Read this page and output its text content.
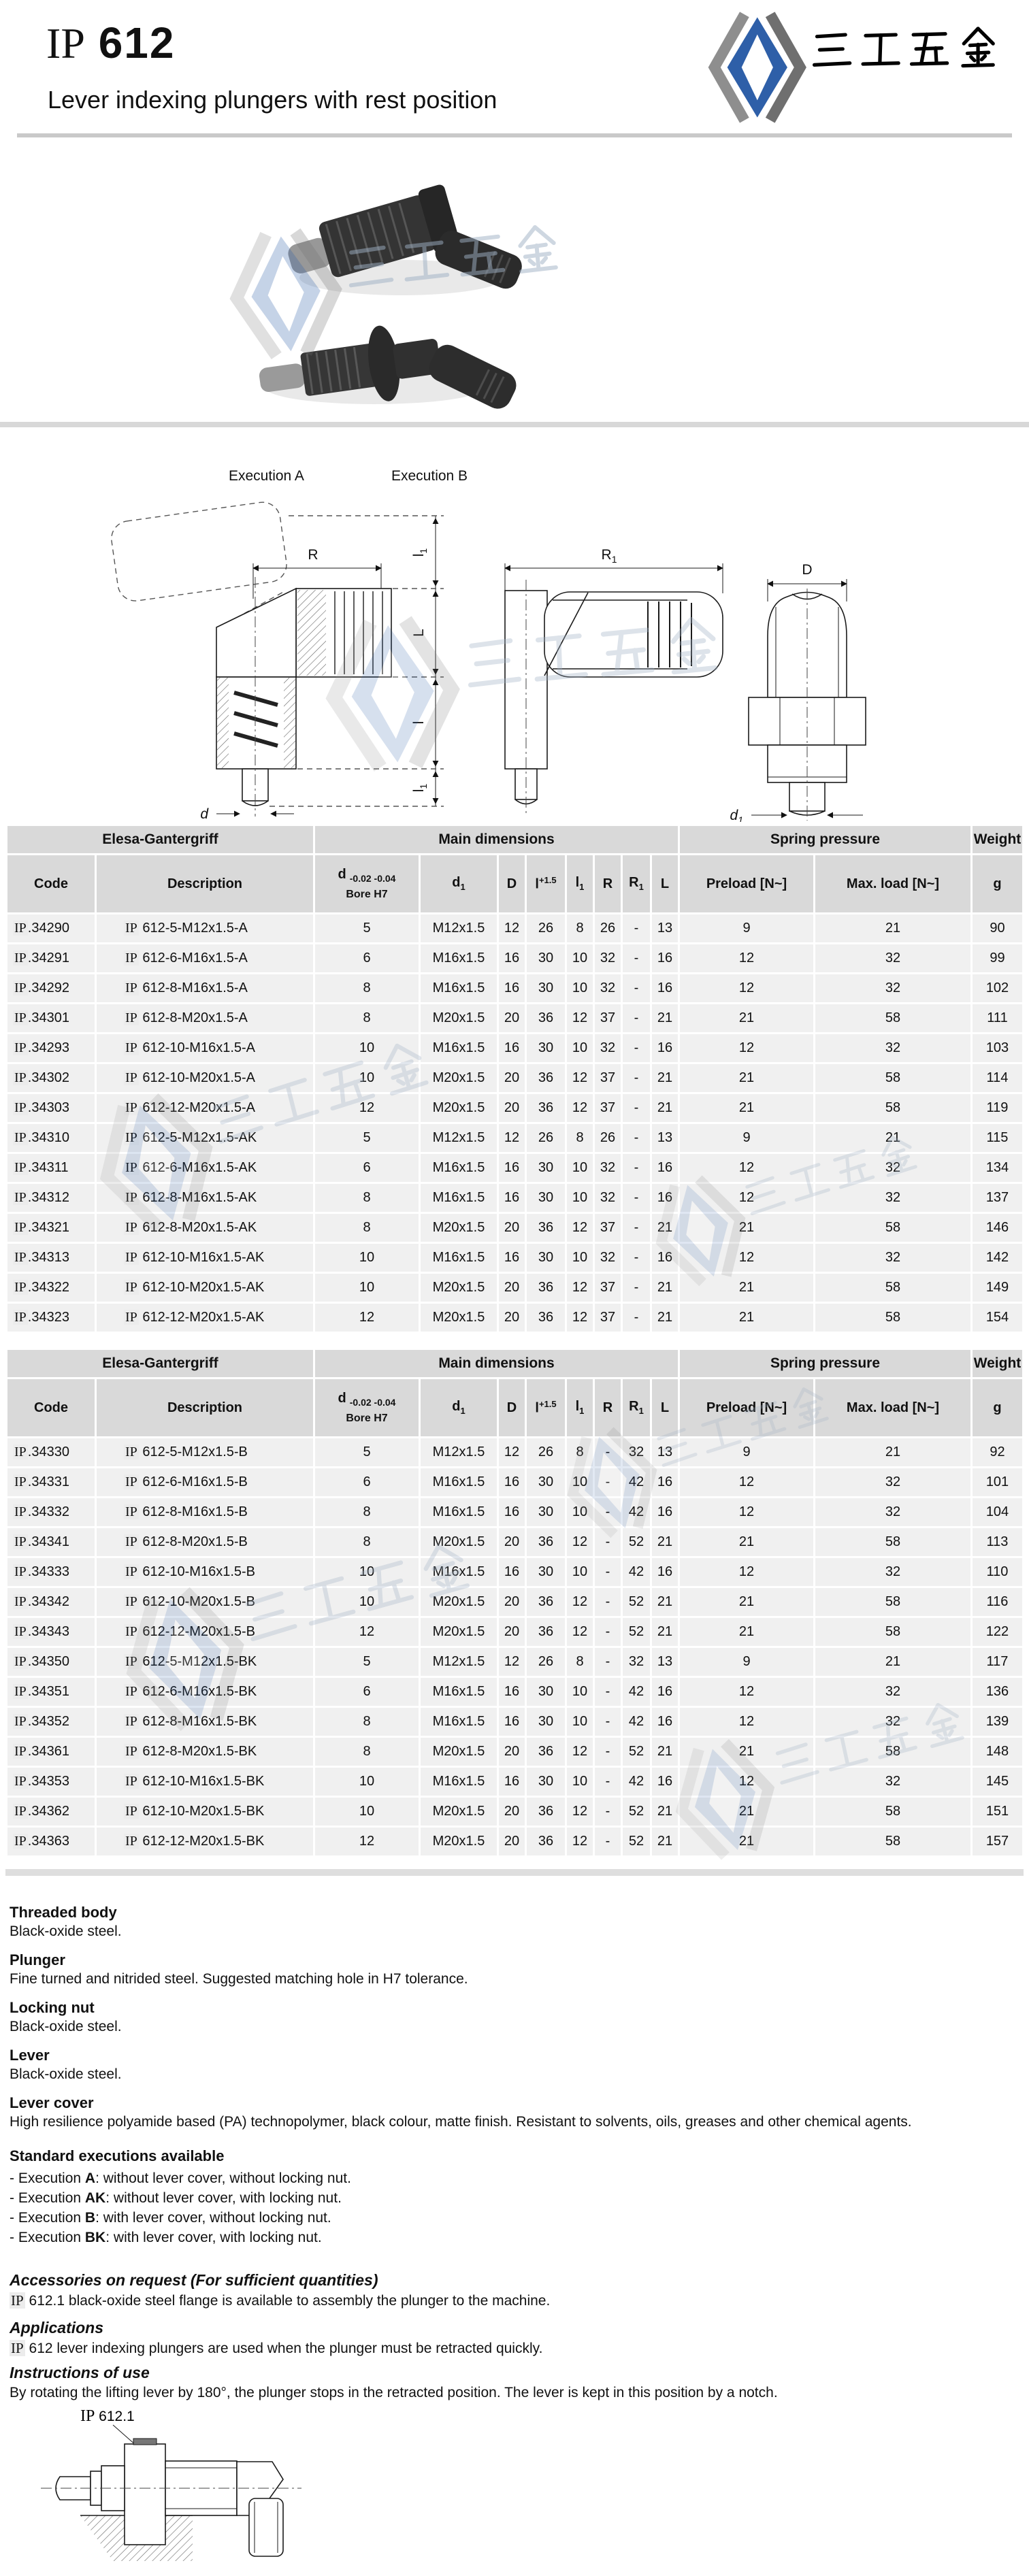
IP 612
Lever indexing plungers with rest position
Execution A	Execution B
R
d
$l_1$
L
l
$l_1$
$R_1$
D
$d_1$
Elesa-Gantergriff		Main dimensions								Spring pressure		Weight
Code	Description	d $_{-0.02 -0.04}$
Bore H7	$d_1$	D	$l^{+1.5}$	$l_1$	R	$R_1$	L	Preload [N~]	Max. load [N~]	g
IP .34290	IP 612-5-M12x1.5-A	5	M12x1.5	12	26	8	26	-	13	9	21	90
IP .34291	IP 612-6-M16x1.5-A	6	M16x1.5	16	30	10	32	-	16	12	32	99
IP .34292	IP 612-8-M16x1.5-A	8	M16x1.5	16	30	10	32	-	16	12	32	102
IP .34301	IP 612-8-M20x1.5-A	8	M20x1.5	20	36	12	37	-	21	21	58	111
IP .34293	IP 612-10-M16x1.5-A	10	M16x1.5	16	30	10	32	-	16	12	32	103
IP .34302	IP 612-10-M20x1.5-A	10	M20x1.5	20	36	12	37	-	21	21	58	114
IP .34303	IP 612-12-M20x1.5-A	12	M20x1.5	20	36	12	37	-	21	21	58	119
IP .34310	IP 612-5-M12x1.5-AK	5	M12x1.5	12	26	8	26	-	13	9	21	115
IP .34311	IP 612-6-M16x1.5-AK	6	M16x1.5	16	30	10	32	-	16	12	32	134
IP .34312	IP 612-8-M16x1.5-AK	8	M16x1.5	16	30	10	32	-	16	12	32	137
IP .34321	IP 612-8-M20x1.5-AK	8	M20x1.5	20	36	12	37	-	21	21	58	146
IP .34313	IP 612-10-M16x1.5-AK	10	M16x1.5	16	30	10	32	-	16	12	32	142
IP .34322	IP 612-10-M20x1.5-AK	10	M20x1.5	20	36	12	37	-	21	21	58	149
IP .34323	IP 612-12-M20x1.5-AK	12	M20x1.5	20	36	12	37	-	21	21	58	154
Elesa-Gantergriff		Main dimensions								Spring pressure		Weight
Code	Description	d $_{-0.02 -0.04}$
Bore H7	$d_1$	D	$l^{+1.5}$	$l_1$	R	$R_1$	L	Preload [N~]	Max. load [N~]	g
IP .34330	IP 612-5-M12x1.5-B	5	M12x1.5	12	26	8	-	32	13	9	21	92
IP .34331	IP 612-6-M16x1.5-B	6	M16x1.5	16	30	10	-	42	16	12	32	101
IP .34332	IP 612-8-M16x1.5-B	8	M16x1.5	16	30	10	-	42	16	12	32	104
IP .34341	IP 612-8-M20x1.5-B	8	M20x1.5	20	36	12	-	52	21	21	58	113
IP .34333	IP 612-10-M16x1.5-B	10	M16x1.5	16	30	10	-	42	16	12	32	110
IP .34342	IP 612-10-M20x1.5-B	10	M20x1.5	20	36	12	-	52	21	21	58	116
IP .34343	IP 612-12-M20x1.5-B	12	M20x1.5	20	36	12	-	52	21	21	58	122
IP .34350	IP 612-5-M12x1.5-BK	5	M12x1.5	12	26	8	-	32	13	9	21	117
IP .34351	IP 612-6-M16x1.5-BK	6	M16x1.5	16	30	10	-	42	16	12	32	136
IP .34352	IP 612-8-M16x1.5-BK	8	M16x1.5	16	30	10	-	42	16	12	32	139
IP .34361	IP 612-8-M20x1.5-BK	8	M20x1.5	20	36	12	-	52	21	21	58	148
IP .34353	IP 612-10-M16x1.5-BK	10	M16x1.5	16	30	10	-	42	16	12	32	145
IP .34362	IP 612-10-M20x1.5-BK	10	M20x1.5	20	36	12	-	52	21	21	58	151
IP .34363	IP 612-12-M20x1.5-BK	12	M20x1.5	20	36	12	-	52	21	21	58	157
Threaded body

Black-oxide steel.

Plunger

Fine turned and nitrided steel. Suggested matching hole in H7 tolerance.

Locking nut

Black-oxide steel.

Lever

Black-oxide steel.

Lever cover

High resilience polyamide based (PA) technopolymer, black colour, matte finish. Resistant to solvents, oils, greases and other chemical agents.

Standard executions available

- Execution A: without lever cover, without locking nut.

- Execution AK: without lever cover, with locking nut.

- Execution B: with lever cover, without locking nut.

- Execution BK: with lever cover, with locking nut.

Accessories on request (For sufficient quantities)

IP 612.1 black-oxide steel flange is available to assembly the plunger to the machine.

Applications

IP 612 lever indexing plungers are used when the plunger must be retracted quickly.

Instructions of use

By rotating the lifting lever by 180°, the plunger stops in the retracted position. The lever is kept in this position by a notch.

IP 612.1
